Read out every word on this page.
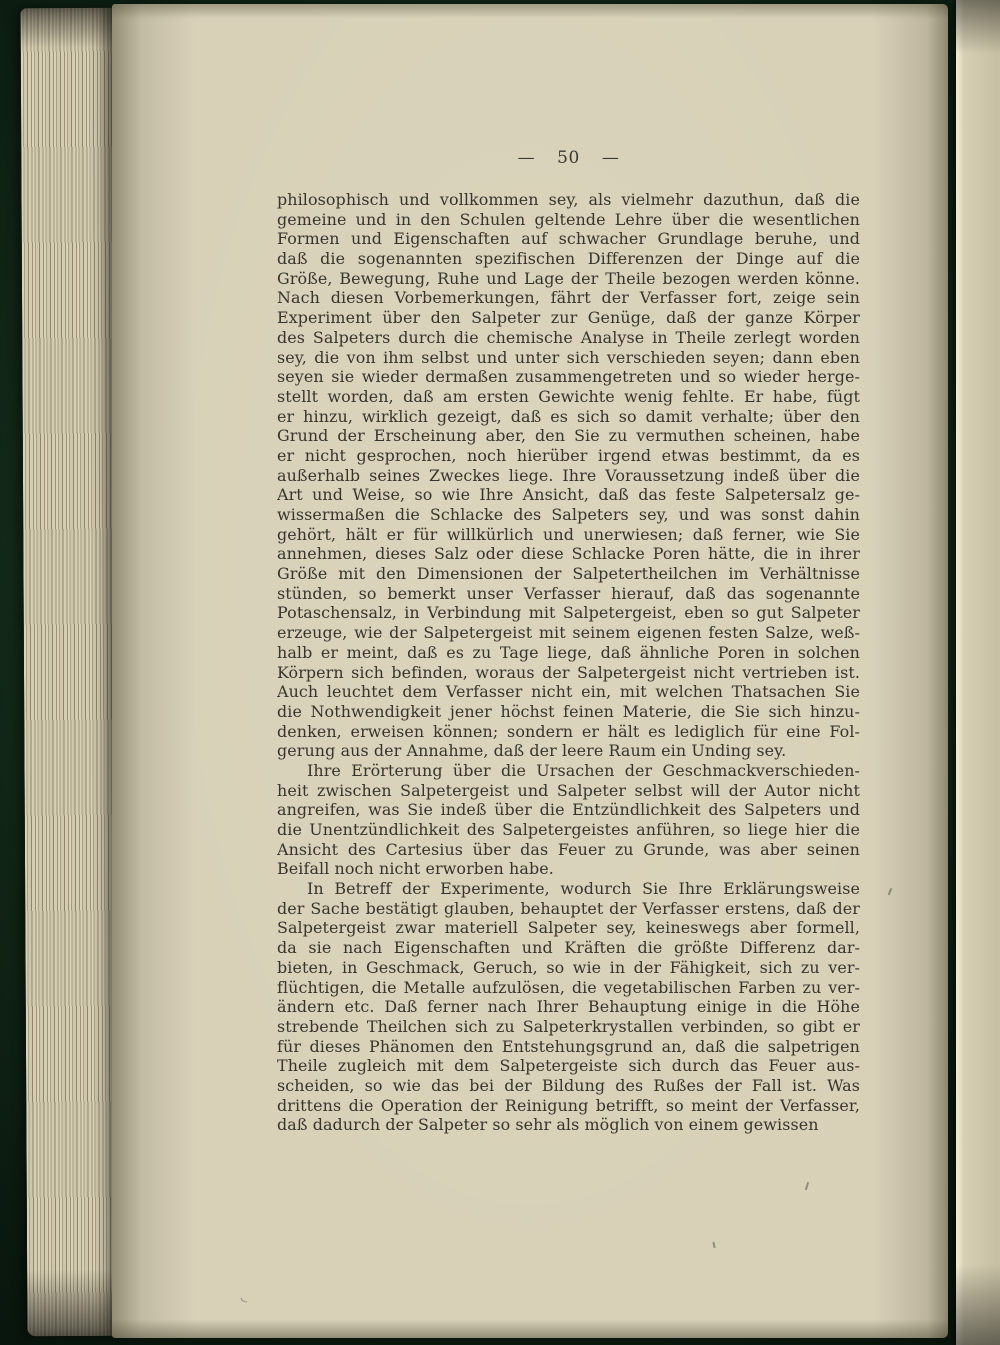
— 50 —
philosophisch und vollkommen sey, als vielmehr dazuthun, daß die
gemeine und in den Schulen geltende Lehre über die wesentlichen
Formen und Eigenschaften auf schwacher Grundlage beruhe, und
daß die sogenannten spezifischen Differenzen der Dinge auf die
Größe, Bewegung, Ruhe und Lage der Theile bezogen werden könne.
Nach diesen Vorbemerkungen, fährt der Verfasser fort, zeige sein
Experiment über den Salpeter zur Genüge, daß der ganze Körper
des Salpeters durch die chemische Analyse in Theile zerlegt worden
sey, die von ihm selbst und unter sich verschieden seyen; dann eben
seyen sie wieder dermaßen zusammengetreten und so wieder herge-
stellt worden, daß am ersten Gewichte wenig fehlte. Er habe, fügt
er hinzu, wirklich gezeigt, daß es sich so damit verhalte; über den
Grund der Erscheinung aber, den Sie zu vermuthen scheinen, habe
er nicht gesprochen, noch hierüber irgend etwas bestimmt, da es
außerhalb seines Zweckes liege. Ihre Voraussetzung indeß über die
Art und Weise, so wie Ihre Ansicht, daß das feste Salpetersalz ge-
wissermaßen die Schlacke des Salpeters sey, und was sonst dahin
gehört, hält er für willkürlich und unerwiesen; daß ferner, wie Sie
annehmen, dieses Salz oder diese Schlacke Poren hätte, die in ihrer
Größe mit den Dimensionen der Salpetertheilchen im Verhältnisse
stünden, so bemerkt unser Verfasser hierauf, daß das sogenannte
Potaschensalz, in Verbindung mit Salpetergeist, eben so gut Salpeter
erzeuge, wie der Salpetergeist mit seinem eigenen festen Salze, weß-
halb er meint, daß es zu Tage liege, daß ähnliche Poren in solchen
Körpern sich befinden, woraus der Salpetergeist nicht vertrieben ist.
Auch leuchtet dem Verfasser nicht ein, mit welchen Thatsachen Sie
die Nothwendigkeit jener höchst feinen Materie, die Sie sich hinzu-
denken, erweisen können; sondern er hält es lediglich für eine Fol-
gerung aus der Annahme, daß der leere Raum ein Unding sey.
Ihre Erörterung über die Ursachen der Geschmackverschieden-
heit zwischen Salpetergeist und Salpeter selbst will der Autor nicht
angreifen, was Sie indeß über die Entzündlichkeit des Salpeters und
die Unentzündlichkeit des Salpetergeistes anführen, so liege hier die
Ansicht des Cartesius über das Feuer zu Grunde, was aber seinen
Beifall noch nicht erworben habe.
In Betreff der Experimente, wodurch Sie Ihre Erklärungsweise
der Sache bestätigt glauben, behauptet der Verfasser erstens, daß der
Salpetergeist zwar materiell Salpeter sey, keineswegs aber formell,
da sie nach Eigenschaften und Kräften die größte Differenz dar-
bieten, in Geschmack, Geruch, so wie in der Fähigkeit, sich zu ver-
flüchtigen, die Metalle aufzulösen, die vegetabilischen Farben zu ver-
ändern etc. Daß ferner nach Ihrer Behauptung einige in die Höhe
strebende Theilchen sich zu Salpeterkrystallen verbinden, so gibt er
für dieses Phänomen den Entstehungsgrund an, daß die salpetrigen
Theile zugleich mit dem Salpetergeiste sich durch das Feuer aus-
scheiden, so wie das bei der Bildung des Rußes der Fall ist. Was
drittens die Operation der Reinigung betrifft, so meint der Verfasser,
daß dadurch der Salpeter so sehr als möglich von einem gewissen
